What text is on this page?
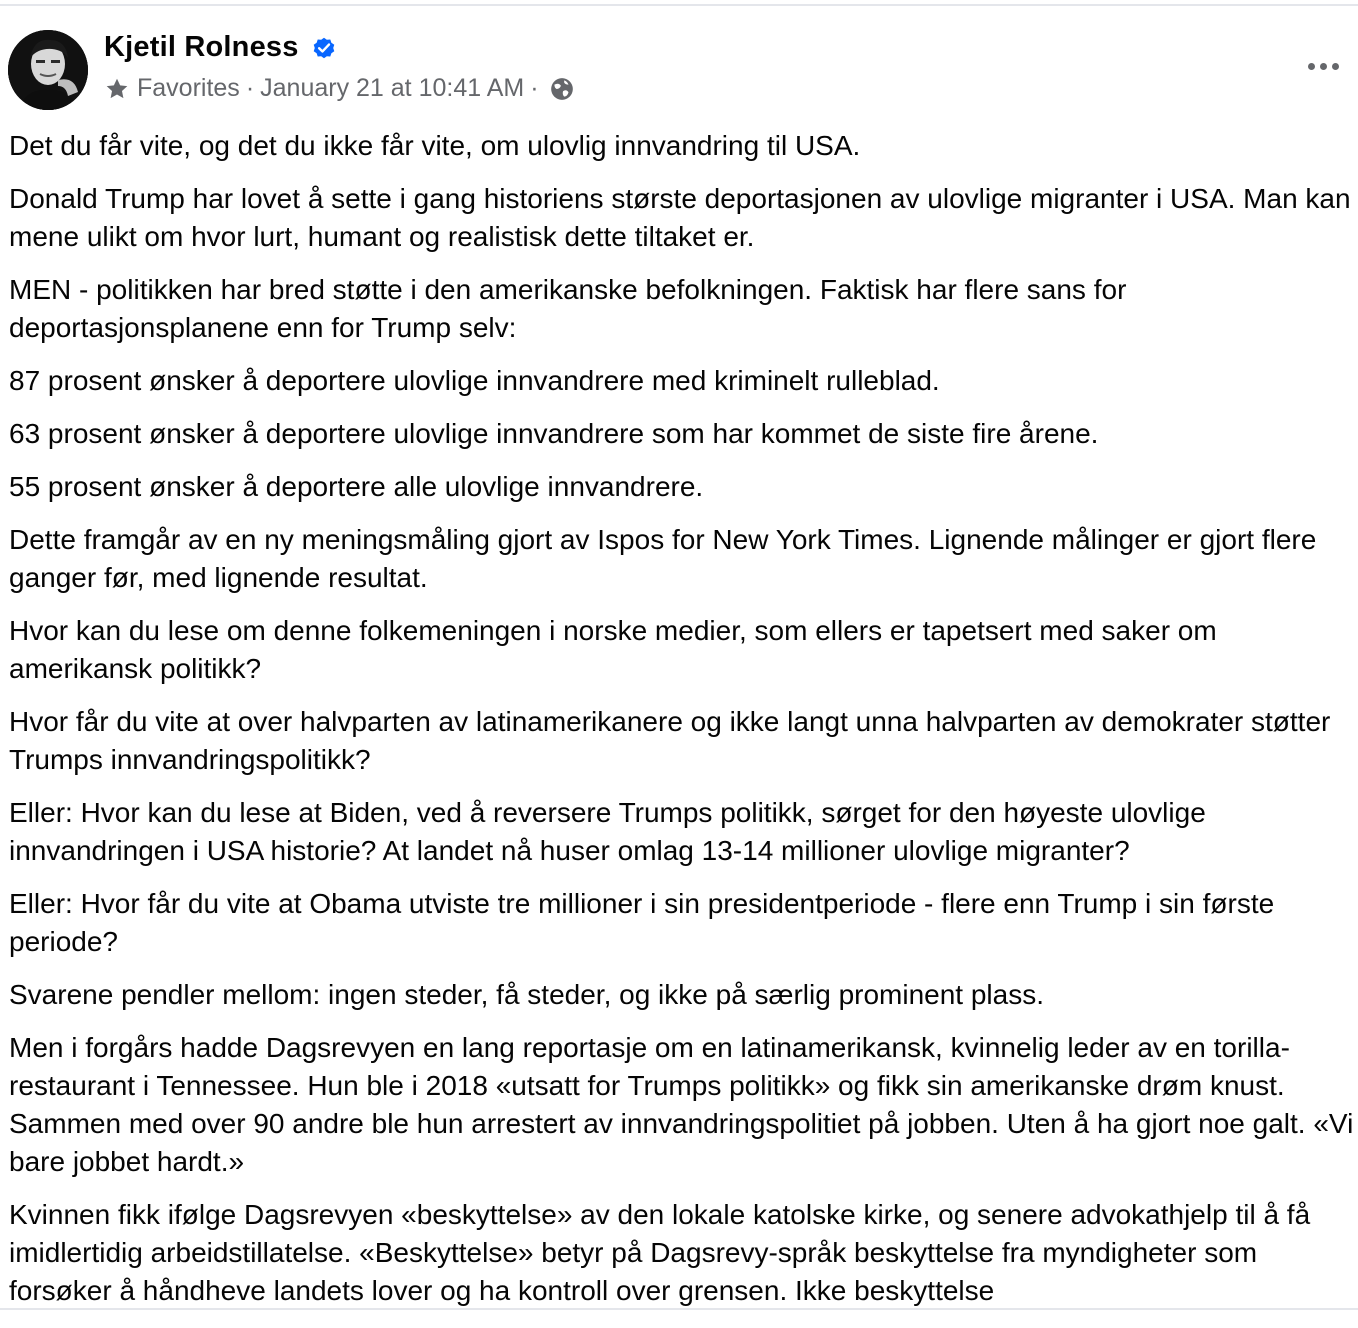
Kjetil Rolness
Favorites · January 21 at 10:41 AM ·

Det du får vite, og det du ikke får vite, om ulovlig innvandring til USA.

Donald Trump har lovet å sette i gang historiens største deportasjonen av ulovlige migranter i USA. Man kan mene ulikt om hvor lurt, humant og realistisk dette tiltaket er.

MEN - politikken har bred støtte i den amerikanske befolkningen. Faktisk har flere sans for deportasjonsplanene enn for Trump selv:

87 prosent ønsker å deportere ulovlige innvandrere med kriminelt rulleblad.

63 prosent ønsker å deportere ulovlige innvandrere som har kommet de siste fire årene.

55 prosent ønsker å deportere alle ulovlige innvandrere.

Dette framgår av en ny meningsmåling gjort av Ispos for New York Times. Lignende målinger er gjort flere ganger før, med lignende resultat.

Hvor kan du lese om denne folkemeningen i norske medier, som ellers er tapetsert med saker om amerikansk politikk?

Hvor får du vite at over halvparten av latinamerikanere og ikke langt unna halvparten av demokrater støtter Trumps innvandringspolitikk?

Eller: Hvor kan du lese at Biden, ved å reversere Trumps politikk, sørget for den høyeste ulovlige innvandringen i USA historie? At landet nå huser omlag 13-14 millioner ulovlige migranter?

Eller: Hvor får du vite at Obama utviste tre millioner i sin presidentperiode - flere enn Trump i sin første periode?

Svarene pendler mellom: ingen steder, få steder, og ikke på særlig prominent plass.

Men i forgårs hadde Dagsrevyen en lang reportasje om en latinamerikansk, kvinnelig leder av en torilla-restaurant i Tennessee. Hun ble i 2018 «utsatt for Trumps politikk» og fikk sin amerikanske drøm knust. Sammen med over 90 andre ble hun arrestert av innvandringspolitiet på jobben. Uten å ha gjort noe galt. «Vi bare jobbet hardt.»

Kvinnen fikk ifølge Dagsrevyen «beskyttelse» av den lokale katolske kirke, og senere advokathjelp til å få imidlertidig arbeidstillatelse. «Beskyttelse» betyr på Dagsrevy-språk beskyttelse fra myndigheter som forsøker å håndheve landets lover og ha kontroll over grensen. Ikke beskyttelse
